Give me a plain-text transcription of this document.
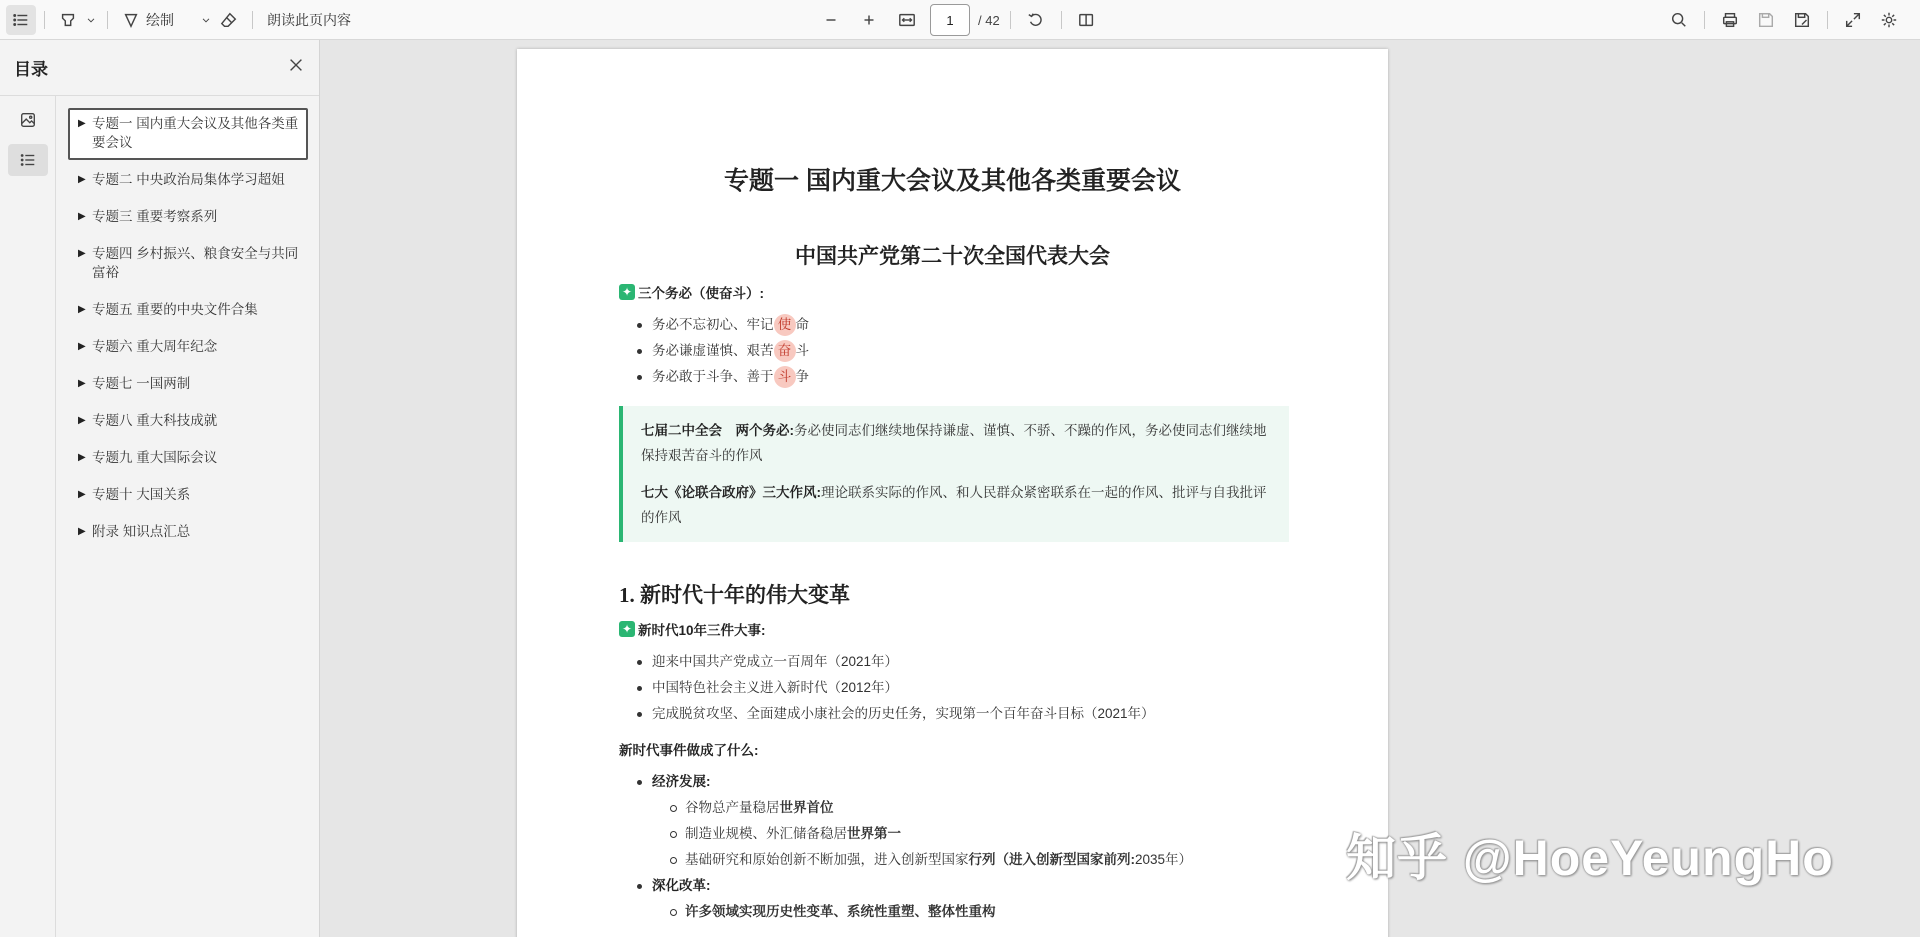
绘制	朗读此页内容
1	/ 42
目录
▶ 专题一 国内重大会议及其他各类重要会议
▶ 专题二 中央政治局集体学习超姐
▶ 专题三 重要考察系列
▶ 专题四 乡村振兴、粮食安全与共同富裕
▶ 专题五 重要的中央文件合集
▶ 专题六 重大周年纪念
▶ 专题七 一国两制
▶ 专题八 重大科技成就
▶ 专题九 重大国际会议
▶ 专题十 大国关系
▶ 附录 知识点汇总
专题一 国内重大会议及其他各类重要会议
中国共产党第二十次全国代表大会
✦ 三个务必（使奋斗）:
务必不忘初心、牢记 使 命
务必谦虚谨慎、艰苦 奋 斗
务必敢于斗争、善于 斗 争

七届二中全会　两个务必:务必使同志们继续地保持谦虚、谨慎、不骄、不躁的作风，务必使同志们继续地保持艰苦奋斗的作风

七大《论联合政府》三大作风:理论联系实际的作风、和人民群众紧密联系在一起的作风、批评与自我批评的作风

1. 新时代十年的伟大变革
✦ 新时代10年三件大事:
迎来中国共产党成立一百周年（2021年）
中国特色社会主义进入新时代（2012年）
完成脱贫攻坚、全面建成小康社会的历史任务，实现第一个百年奋斗目标（2021年）
新时代事件做成了什么:
经济发展:
谷物总产量稳居世界首位
制造业规模、外汇储备稳居世界第一
基础研究和原始创新不断加强，进入创新型国家行列（进入创新型国家前列:2035年）
深化改革:
许多领域实现历史性变革、系统性重塑、整体性重构
知乎 @HoeYeungHo
